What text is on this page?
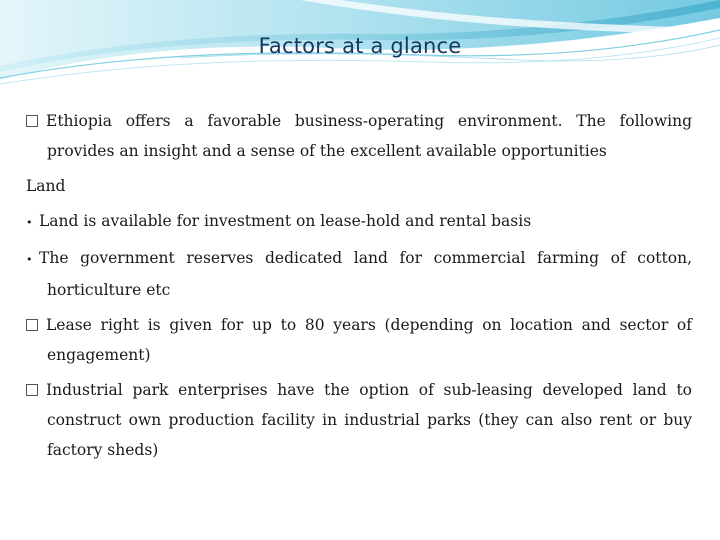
Factors at a glance

Ethiopia offers a favorable business-operating environment. The following provides an insight and a sense of the excellent available opportunities

Land

• Land is available for investment on lease-hold and rental basis

• The government reserves dedicated land for commercial farming of cotton, horticulture etc

Lease right is given for up to 80 years (depending on location and sector of engagement)

Industrial park enterprises have the option of sub-leasing developed land to construct own production facility in industrial parks (they can also rent or buy factory sheds)
